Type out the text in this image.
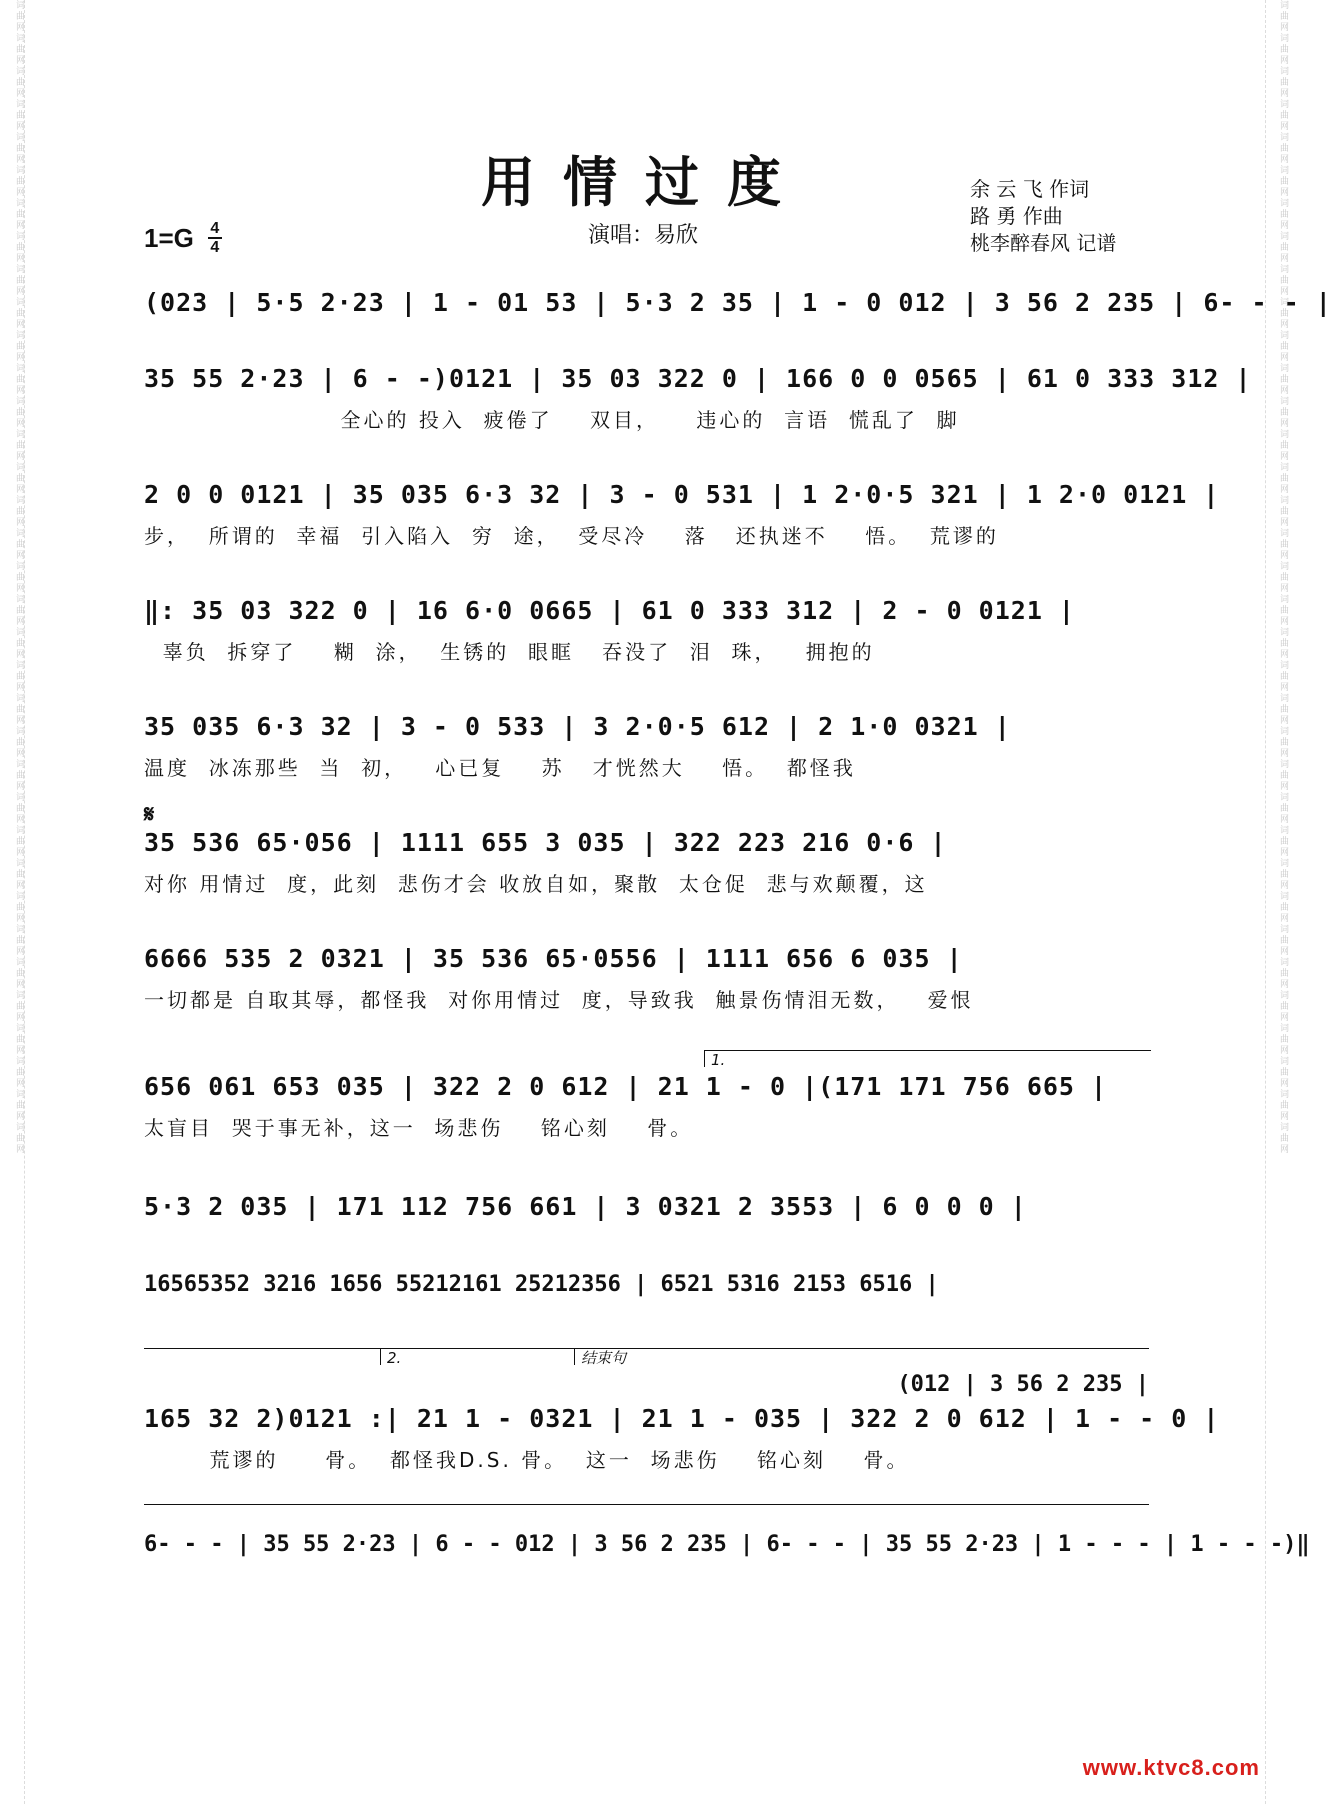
词曲网词曲网词曲网词曲网词曲网词曲网词曲网词曲网词曲网词曲网词曲网词曲网词曲网词曲网词曲网词曲网词曲网词曲网词曲网词曲网词曲网词曲网词曲网词曲网词曲网词曲网词曲网词曲网词曲网词曲网词曲网词曲网词曲网词曲网词曲网	词曲网词曲网词曲网词曲网词曲网词曲网词曲网词曲网词曲网词曲网词曲网词曲网词曲网词曲网词曲网词曲网词曲网词曲网词曲网词曲网词曲网词曲网词曲网词曲网词曲网词曲网词曲网词曲网词曲网词曲网词曲网词曲网词曲网词曲网词曲网
用情过度
1=G 4
4	演唱：易欣
余 云 飞 作词
路 勇 作曲
桃李醉春风 记谱
(023 | 5·5 2·23 | 1 - 01 53 | 5·3 2 35 | 1 - 0 012 | 3 56 2 235 | 6- - - |
35 55 2·23 | 6 - -)0121 | 35 03 322 0 | 166 0 0 0565 | 61 0 333 312 |
全心的 投入  疲倦了    双目，    违心的  言语  慌乱了  脚
2 0 0 0121 | 35 035 6·3 32 | 3 - 0 531 | 1 2·0·5 321 | 1 2·0 0121 |
步，  所谓的  幸福  引入陷入  穷  途，  受尽冷    落   还执迷不    悟。  荒谬的
‖: 35 03 322 0 | 16 6·0 0665 | 61 0 333 312 | 2 - 0 0121 |
辜负  拆穿了    糊  涂，  生锈的  眼眶   吞没了  泪  珠，   拥抱的
35 035 6·3 32 | 3 - 0 533 | 3 2·0·5 612 | 2 1·0 0321 |
温度  冰冻那些  当  初，   心已复    苏   才恍然大    悟。  都怪我
𝄋
35 536 65·056 | 1111 655 3 035 | 322 223 216 0·6 |
对你 用情过  度，此刻  悲伤才会 收放自如，聚散  太仓促  悲与欢颠覆，这
6666 535 2 0321 | 35 536 65·0556 | 1111 656 6 035 |
一切都是 自取其辱，都怪我  对你用情过  度，导致我  触景伤情泪无数，   爱恨
1.
656 061 653 035 | 322 2 0 612 | 21 1 - 0 |(171 171 756 665 |
太盲目  哭于事无补，这一  场悲伤    铭心刻    骨。
5·3 2 035 | 171 112 756 661 | 3 0321 2 3553 | 6 0 0 0 |
16565352 3216 1656 55212161 25212356 | 6521 5316 2153 6516 |
2.	结束句
(012 | 3 56 2 235 |
165 32 2)0121 :| 21 1 - 0321 | 21 1 - 035 | 322 2 0 612 | 1 - - 0 |
荒谬的     骨。  都怪我D.S. 骨。  这一  场悲伤    铭心刻    骨。
6- - - | 35 55 2·23 | 6 - - 012 | 3 56 2 235 | 6- - - | 35 55 2·23 | 1 - - - | 1 - - -)‖
www.ktvc8.com
